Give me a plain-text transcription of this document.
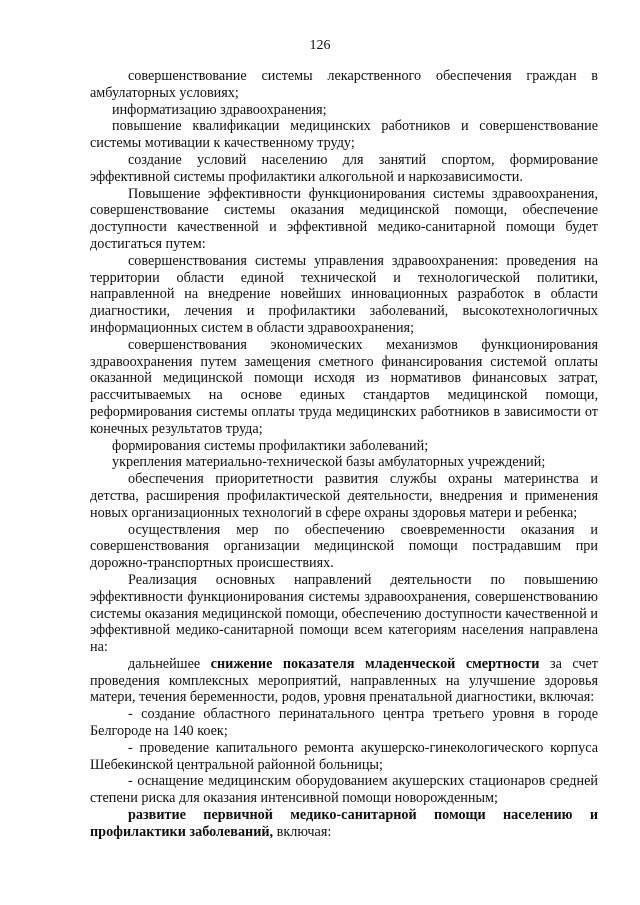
126

совершенствование системы лекарственного обеспечения граждан в амбулаторных условиях;

информатизацию здравоохранения;

повышение квалификации медицинских работников и совершенствование системы мотивации к качественному труду;

создание условий населению для занятий спортом, формирование эффективной системы профилактики алкогольной и наркозависимости.

Повышение эффективности функционирования системы здравоохранения, совершенствование системы оказания медицинской помощи, обеспечение доступности качественной и эффективной медико-санитарной помощи будет достигаться путем:

совершенствования системы управления здравоохранения: проведения на территории области единой технической и технологической политики, направленной на внедрение новейших инновационных разработок в области диагностики, лечения и профилактики заболеваний, высокотехнологичных информационных систем в области здравоохранения;

совершенствования экономических механизмов функционирования здравоохранения путем замещения сметного финансирования системой оплаты оказанной медицинской помощи исходя из нормативов финансовых затрат, рассчитываемых на основе единых стандартов медицинской помощи, реформирования системы оплаты труда медицинских работников в зависимости от конечных результатов труда;

формирования системы профилактики заболеваний;

укрепления материально-технической базы амбулаторных учреждений;

обеспечения приоритетности развития службы охраны материнства и детства, расширения профилактической деятельности, внедрения и применения новых организационных технологий в сфере охраны здоровья матери и ребенка;

осуществления мер по обеспечению своевременности оказания и совершенствования организации медицинской помощи пострадавшим при дорожно-транспортных происшествиях.

Реализация основных направлений деятельности по повышению эффективности функционирования системы здравоохранения, совершенствованию системы оказания медицинской помощи, обеспечению доступности качественной и эффективной медико-санитарной помощи всем категориям населения направлена на:

дальнейшее снижение показателя младенческой смертности за счет проведения комплексных мероприятий, направленных на улучшение здоровья матери, течения беременности, родов, уровня пренатальной диагностики, включая:

- создание областного перинатального центра третьего уровня в городе Белгороде на 140 коек;

- проведение капитального ремонта акушерско-гинекологического корпуса Шебекинской центральной районной больницы;

- оснащение медицинским оборудованием акушерских стационаров средней степени риска для оказания интенсивной помощи новорожденным;

развитие первичной медико-санитарной помощи населению и профилактики заболеваний, включая:
